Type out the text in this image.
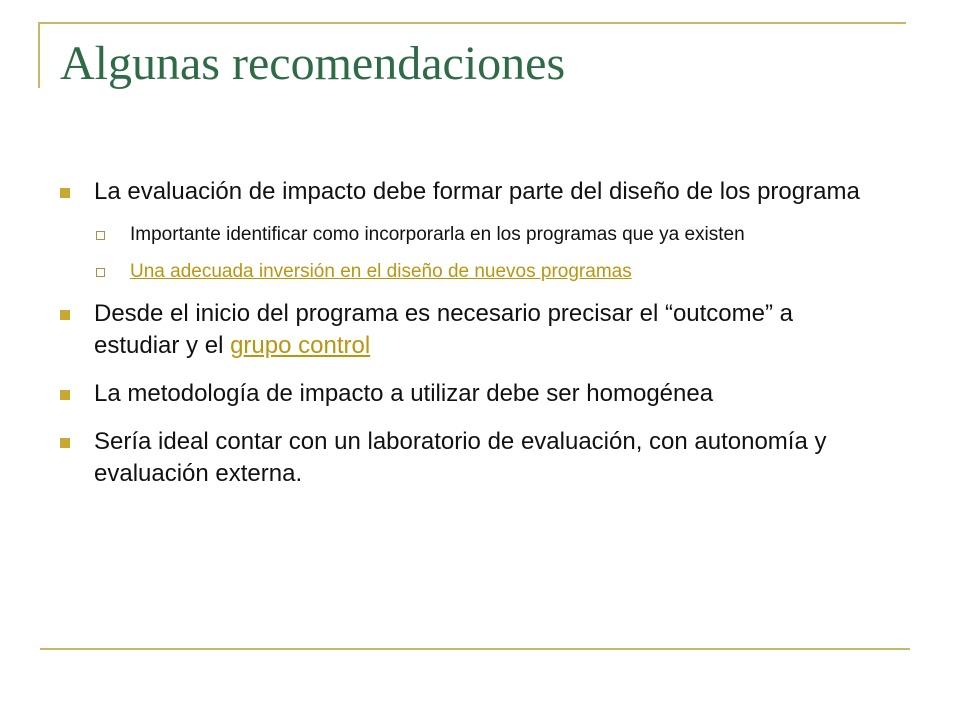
Algunas recomendaciones
La evaluación de impacto debe formar parte del diseño de los programa
Importante identificar como incorporarla en los programas que ya existen
Una adecuada inversión en el diseño de nuevos programas
Desde el inicio del programa es necesario precisar el “outcome” a estudiar y el grupo control
La metodología de impacto a utilizar debe ser homogénea
Sería ideal contar con un laboratorio de evaluación, con autonomía y evaluación externa.
